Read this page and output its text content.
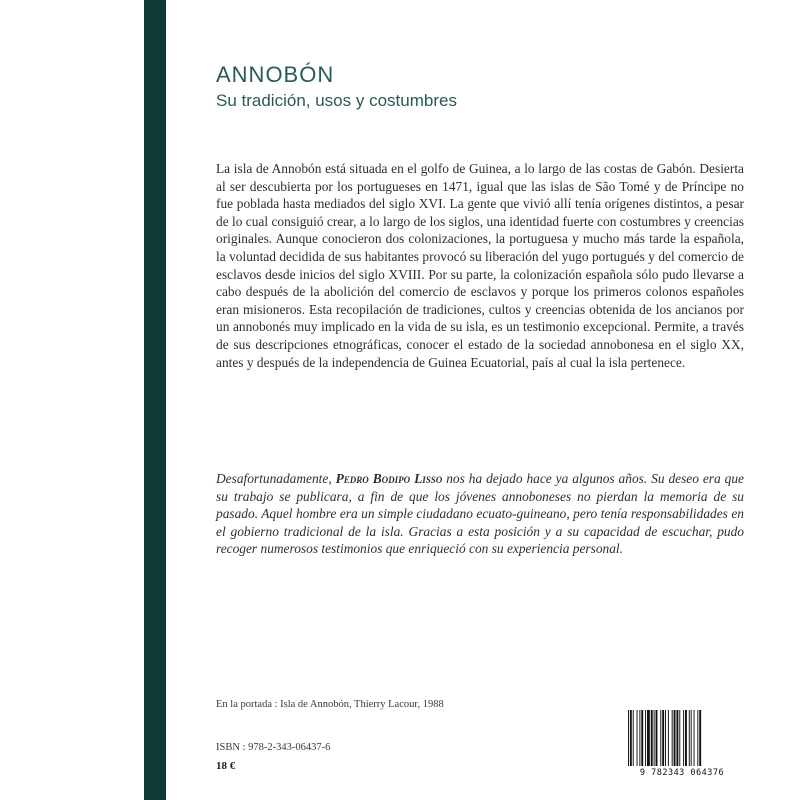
ANNOBÓN
Su tradición, usos y costumbres

La isla de Annobón está situada en el golfo de Guinea, a lo largo de las costas de Gabón. Desierta al ser descubierta por los portugueses en 1471, igual que las islas de São Tomé y de Príncipe no fue poblada hasta mediados del siglo XVI. La gente que vivió allí tenía orígenes distintos, a pesar de lo cual consiguió crear, a lo largo de los siglos, una identidad fuerte con costumbres y creencias originales. Aunque conocieron dos colonizaciones, la portuguesa y mucho más tarde la española, la voluntad decidida de sus habitantes provocó su liberación del yugo portugués y del comercio de esclavos desde inicios del siglo XVIII. Por su parte, la colonización española sólo pudo llevarse a cabo después de la abolición del comercio de esclavos y porque los primeros colonos españoles eran misioneros. Esta recopilación de tradiciones, cultos y creencias obtenida de los ancianos por un annobonés muy implicado en la vida de su isla, es un testimonio excepcional. Permite, a través de sus descripciones etnográficas, conocer el estado de la sociedad annobonesa en el siglo XX, antes y después de la independencia de Guinea Ecuatorial, país al cual la isla pertenece.

Desafortunadamente, Pedro Bodipo Lisso nos ha dejado hace ya algunos años. Su deseo era que su trabajo se publicara, a fin de que los jóvenes annoboneses no pierdan la memoria de su pasado. Aquel hombre era un simple ciudadano ecuato-guineano, pero tenía responsabilidades en el gobierno tradicional de la isla. Gracias a esta posición y a su capacidad de escuchar, pudo recoger numerosos testimonios que enriqueció con su experiencia personal.

En la portada : Isla de Annobón, Thierry Lacour, 1988
ISBN : 978-2-343-06437-6
18 €
9 782343 064376
